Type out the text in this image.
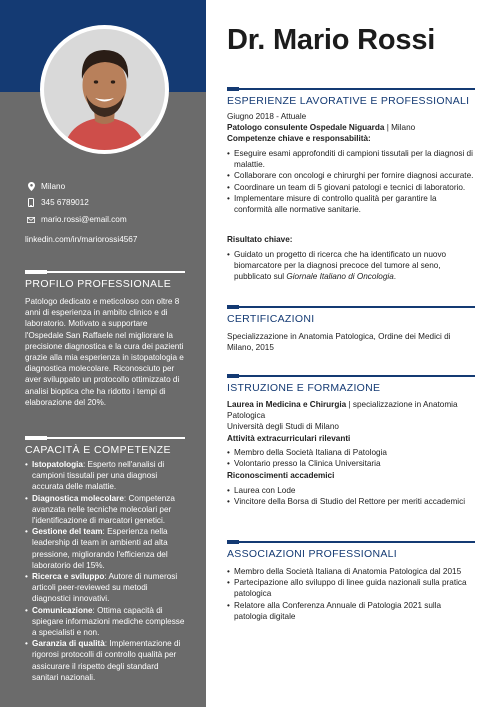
Milano
345 6789012
mario.rossi@email.com
linkedin.com/in/mariorossi4567
PROFILO PROFESSIONALE

Patologo dedicato e meticoloso con oltre 8 anni di esperienza in ambito clinico e di laboratorio. Motivato a supportare l'Ospedale San Raffaele nel migliorare la precisione diagnostica e la cura dei pazienti grazie alla mia esperienza in istopatologia e diagnostica molecolare. Riconosciuto per aver sviluppato un protocollo ottimizzato di analisi bioptica che ha ridotto i tempi di elaborazione del 20%.

CAPACITÀ E COMPETENZE
• Istopatologia: Esperto nell'analisi di campioni tissutali per una diagnosi accurata delle malattie.
• Diagnostica molecolare: Competenza avanzata nelle tecniche molecolari per l'identificazione di marcatori genetici.
• Gestione del team: Esperienza nella leadership di team in ambienti ad alta pressione, migliorando l'efficienza del laboratorio del 15%.
• Ricerca e sviluppo: Autore di numerosi articoli peer-reviewed su metodi diagnostici innovativi.
• Comunicazione: Ottima capacità di spiegare informazioni mediche complesse a specialisti e non.
• Garanzia di qualità: Implementazione di rigorosi protocolli di controllo qualità per assicurare il rispetto degli standard sanitari nazionali.
Dr. Mario Rossi
ESPERIENZE LAVORATIVE E PROFESSIONALI
Giugno 2018 - Attuale
Patologo consulente Ospedale Niguarda | Milano
Competenze chiave e responsabilità:
• Eseguire esami approfonditi di campioni tissutali per la diagnosi di malattie.
• Collaborare con oncologi e chirurghi per fornire diagnosi accurate.
• Coordinare un team di 5 giovani patologi e tecnici di laboratorio.
• Implementare misure di controllo qualità per garantire la conformità alle normative sanitarie.
Risultato chiave:
• Guidato un progetto di ricerca che ha identificato un nuovo biomarcatore per la diagnosi precoce del tumore al seno, pubblicato sul Giornale Italiano di Oncologia.
CERTIFICAZIONI
Specializzazione in Anatomia Patologica, Ordine dei Medici di Milano, 2015
ISTRUZIONE E FORMAZIONE
Laurea in Medicina e Chirurgia | specializzazione in Anatomia Patologica
Università degli Studi di Milano
Attività extracurriculari rilevanti
• Membro della Società Italiana di Patologia
• Volontario presso la Clinica Universitaria
Riconoscimenti accademici
• Laurea con Lode
• Vincitore della Borsa di Studio del Rettore per meriti accademici
ASSOCIAZIONI PROFESSIONALI
• Membro della Società Italiana di Anatomia Patologica dal 2015
• Partecipazione allo sviluppo di linee guida nazionali sulla pratica patologica
• Relatore alla Conferenza Annuale di Patologia 2021 sulla patologia digitale
